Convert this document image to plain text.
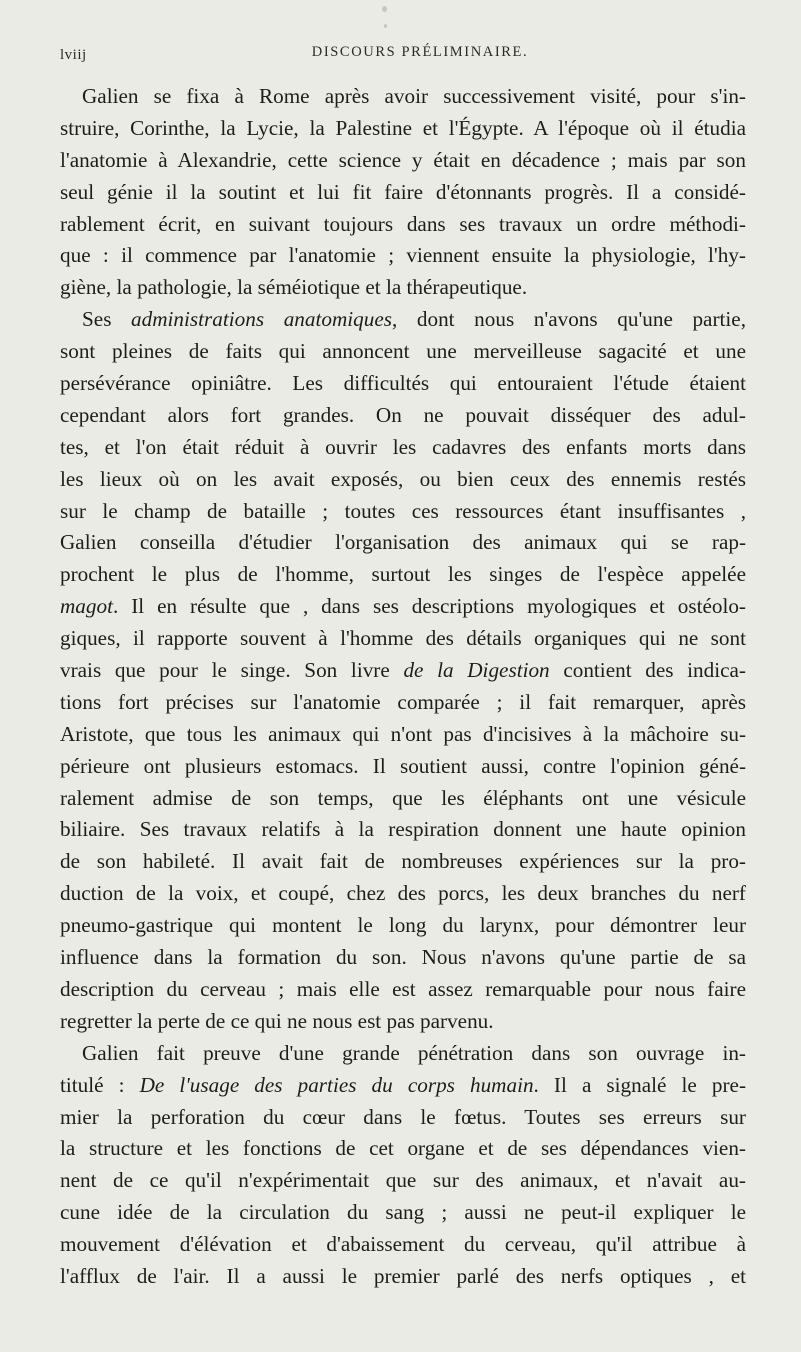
lviij	DISCOURS PRÉLIMINAIRE.
Galien se fixa à Rome après avoir successivement visité, pour s'in-
struire, Corinthe, la Lycie, la Palestine et l'Égypte. A l'époque où il étudia
l'anatomie à Alexandrie, cette science y était en décadence ; mais par son
seul génie il la soutint et lui fit faire d'étonnants progrès. Il a considé-
rablement écrit, en suivant toujours dans ses travaux un ordre méthodi-
que : il commence par l'anatomie ; viennent ensuite la physiologie, l'hy-
giène, la pathologie, la séméiotique et la thérapeutique.
Ses administrations anatomiques, dont nous n'avons qu'une partie,
sont pleines de faits qui annoncent une merveilleuse sagacité et une
persévérance opiniâtre. Les difficultés qui entouraient l'étude étaient
cependant alors fort grandes. On ne pouvait disséquer des adul-
tes, et l'on était réduit à ouvrir les cadavres des enfants morts dans
les lieux où on les avait exposés, ou bien ceux des ennemis restés
sur le champ de bataille ; toutes ces ressources étant insuffisantes ,
Galien conseilla d'étudier l'organisation des animaux qui se rap-
prochent le plus de l'homme, surtout les singes de l'espèce appelée
magot. Il en résulte que , dans ses descriptions myologiques et ostéolo-
giques, il rapporte souvent à l'homme des détails organiques qui ne sont
vrais que pour le singe. Son livre de la Digestion contient des indica-
tions fort précises sur l'anatomie comparée ; il fait remarquer, après
Aristote, que tous les animaux qui n'ont pas d'incisives à la mâchoire su-
périeure ont plusieurs estomacs. Il soutient aussi, contre l'opinion géné-
ralement admise de son temps, que les éléphants ont une vésicule
biliaire. Ses travaux relatifs à la respiration donnent une haute opinion
de son habileté. Il avait fait de nombreuses expériences sur la pro-
duction de la voix, et coupé, chez des porcs, les deux branches du nerf
pneumo-gastrique qui montent le long du larynx, pour démontrer leur
influence dans la formation du son. Nous n'avons qu'une partie de sa
description du cerveau ; mais elle est assez remarquable pour nous faire
regretter la perte de ce qui ne nous est pas parvenu.
Galien fait preuve d'une grande pénétration dans son ouvrage in-
titulé : De l'usage des parties du corps humain. Il a signalé le pre-
mier la perforation du cœur dans le fœtus. Toutes ses erreurs sur
la structure et les fonctions de cet organe et de ses dépendances vien-
nent de ce qu'il n'expérimentait que sur des animaux, et n'avait au-
cune idée de la circulation du sang ; aussi ne peut-il expliquer le
mouvement d'élévation et d'abaissement du cerveau, qu'il attribue à
l'afflux de l'air. Il a aussi le premier parlé des nerfs optiques , et
